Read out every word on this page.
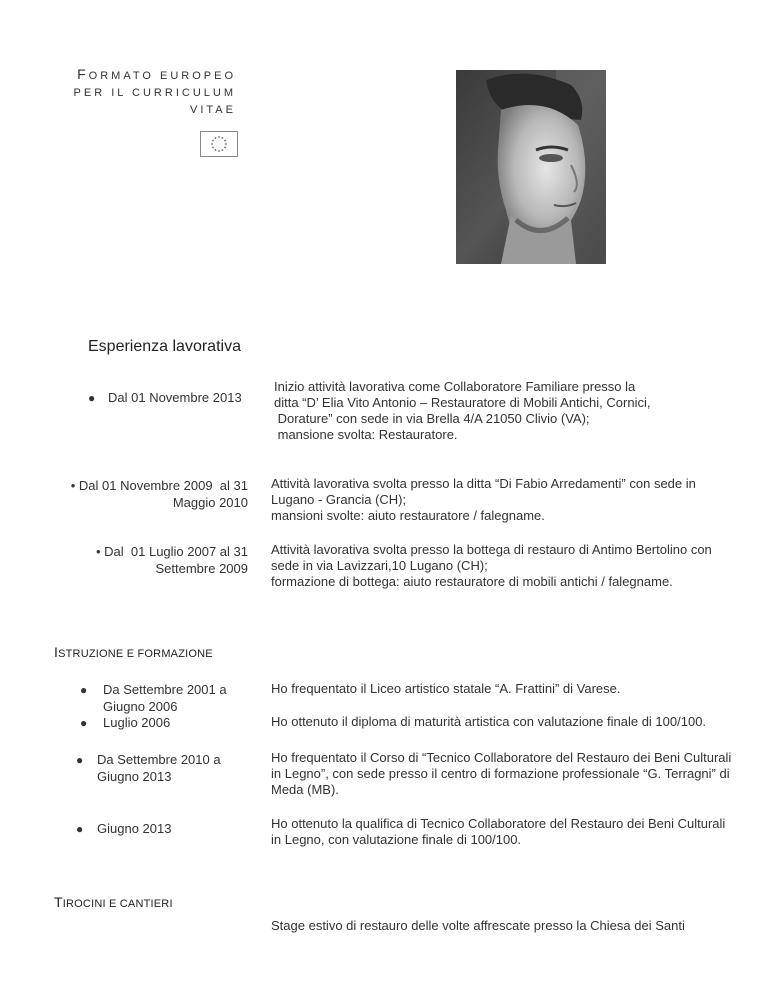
FORMATO EUROPEO
PER IL CURRICULUM
VITAE
Esperienza lavorativa
● Dal 01 Novembre 2013
Inizio attività lavorativa come Collaboratore Familiare presso la
ditta “D’ Elia Vito Antonio – Restauratore di Mobili Antichi, Cornici,
Dorature” con sede in via Brella 4/A 21050 Clivio (VA);
mansione svolta: Restauratore.
• Dal 01 Novembre 2009  al 31
Maggio 2010
Attività lavorativa svolta presso la ditta “Di Fabio Arredamenti” con sede in
Lugano - Grancia (CH);
mansioni svolte: aiuto restauratore / falegname.
• Dal  01 Luglio 2007 al 31
Settembre 2009
Attività lavorativa svolta presso la bottega di restauro di Antimo Bertolino con
sede in via Lavizzari,10 Lugano (CH);
formazione di bottega: aiuto restauratore di mobili antichi / falegname.
ISTRUZIONE E FORMAZIONE
● Da Settembre 2001 a
Giugno 2006
Ho frequentato il Liceo artistico statale “A. Frattini” di Varese.
● Luglio 2006	Ho ottenuto il diploma di maturità artistica con valutazione finale di 100/100.
● Da Settembre 2010 a
Giugno 2013
Ho frequentato il Corso di “Tecnico Collaboratore del Restauro dei Beni Culturali
in Legno”, con sede presso il centro di formazione professionale “G. Terragni” di
Meda (MB).
● Giugno 2013	Ho ottenuto la qualifica di Tecnico Collaboratore del Restauro dei Beni Culturali
in Legno, con valutazione finale di 100/100.
TIROCINI E CANTIERI
Stage estivo di restauro delle volte affrescate presso la Chiesa dei Santi
